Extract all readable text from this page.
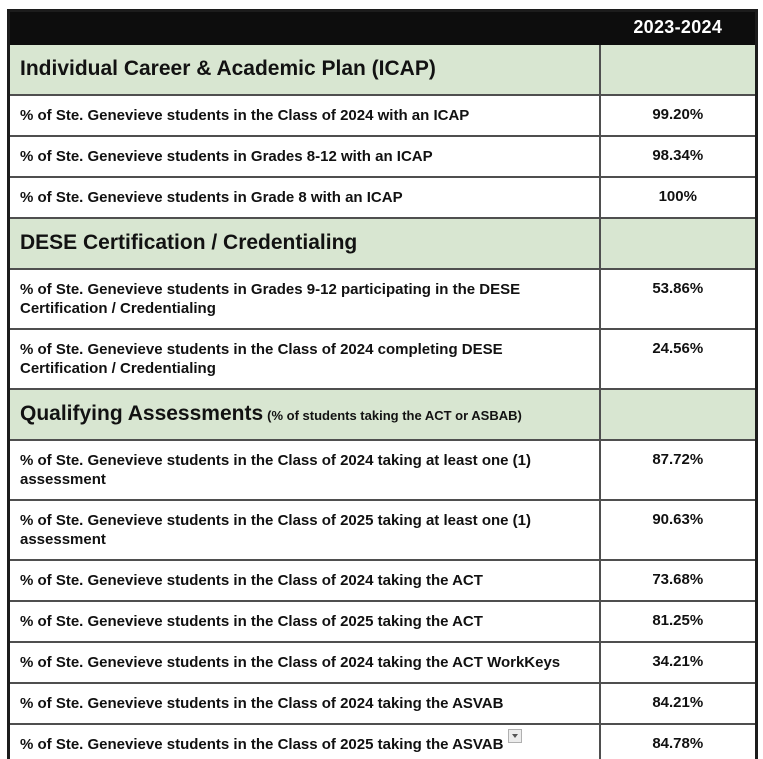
	2023-2024
Individual Career & Academic Plan (ICAP)	
% of Ste. Genevieve students in the Class of 2024 with an ICAP	99.20%
% of Ste. Genevieve students in Grades 8-12 with an ICAP	98.34%
% of Ste. Genevieve students in Grade 8 with an ICAP	100%
DESE Certification / Credentialing	
% of Ste. Genevieve students in Grades 9-12 participating in the DESE Certification / Credentialing	53.86%
% of Ste. Genevieve students in the Class of 2024 completing DESE Certification / Credentialing	24.56%
Qualifying Assessments (% of students taking the ACT or ASBAB)	
% of Ste. Genevieve students in the Class of 2024 taking at least one (1) assessment	87.72%
% of Ste. Genevieve students in the Class of 2025 taking at least one (1) assessment	90.63%
% of Ste. Genevieve students in the Class of 2024 taking the ACT	73.68%
% of Ste. Genevieve students in the Class of 2025 taking the ACT	81.25%
% of Ste. Genevieve students in the Class of 2024 taking the ACT WorkKeys	34.21%
% of Ste. Genevieve students in the Class of 2024 taking the ASVAB	84.21%
% of Ste. Genevieve students in the Class of 2025 taking the ASVAB	84.78%
